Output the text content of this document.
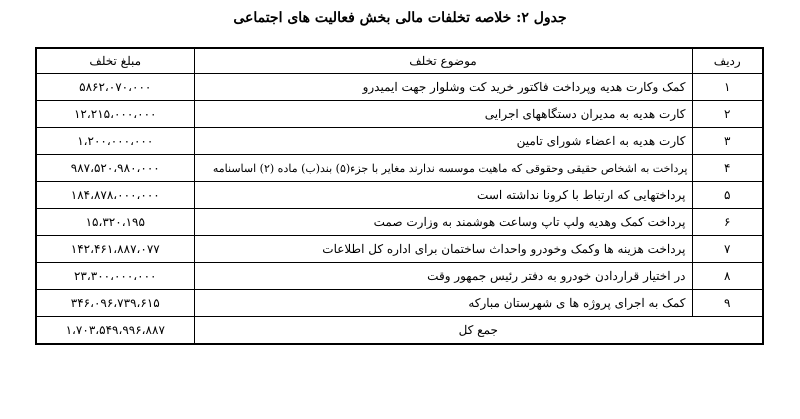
جدول ۲: خلاصه تخلفات مالی بخش فعالیت های اجتماعی
ردیف	موضوع تخلف	مبلغ تخلف
۱	کمک وکارت هدیه وپرداخت فاکتور خرید کت وشلوار جهت ایمیدرو	۵۸۶۲،۰۷۰،۰۰۰
۲	کارت هدیه به مدیران دستگاههای اجرایی	۱۲،۲۱۵،۰۰۰،۰۰۰
۳	کارت هدیه به اعضاء شورای تامین	۱،۲۰۰،۰۰۰،۰۰۰
۴	پرداخت به اشخاص حقیقی وحقوقی که ماهیت موسسه ندارند مغایر با جزء(۵) بند(ب) ماده (۲) اساسنامه	۹۸۷،۵۲۰،۹۸۰،۰۰۰
۵	پرداختهایی که ارتباط با کرونا نداشته است	۱۸۴،۸۷۸،۰۰۰،۰۰۰
۶	پرداخت کمک وهدیه ولپ تاپ وساعت هوشمند به وزارت صمت	۱۵،۳۲۰،۱۹۵
۷	پرداخت هزینه ها وکمک وخودرو واحداث ساختمان برای اداره کل اطلاعات	۱۴۲،۴۶۱،۸۸۷،۰۷۷
۸	در اختیار قراردادن خودرو به دفتر رئیس جمهور وقت	۲۳،۳۰۰،۰۰۰،۰۰۰
۹	کمک به اجرای پروژه ها ی شهرستان مبارکه	۳۴۶،۰۹۶،۷۳۹،۶۱۵
جمع کل		۱،۷۰۳،۵۴۹،۹۹۶،۸۸۷
